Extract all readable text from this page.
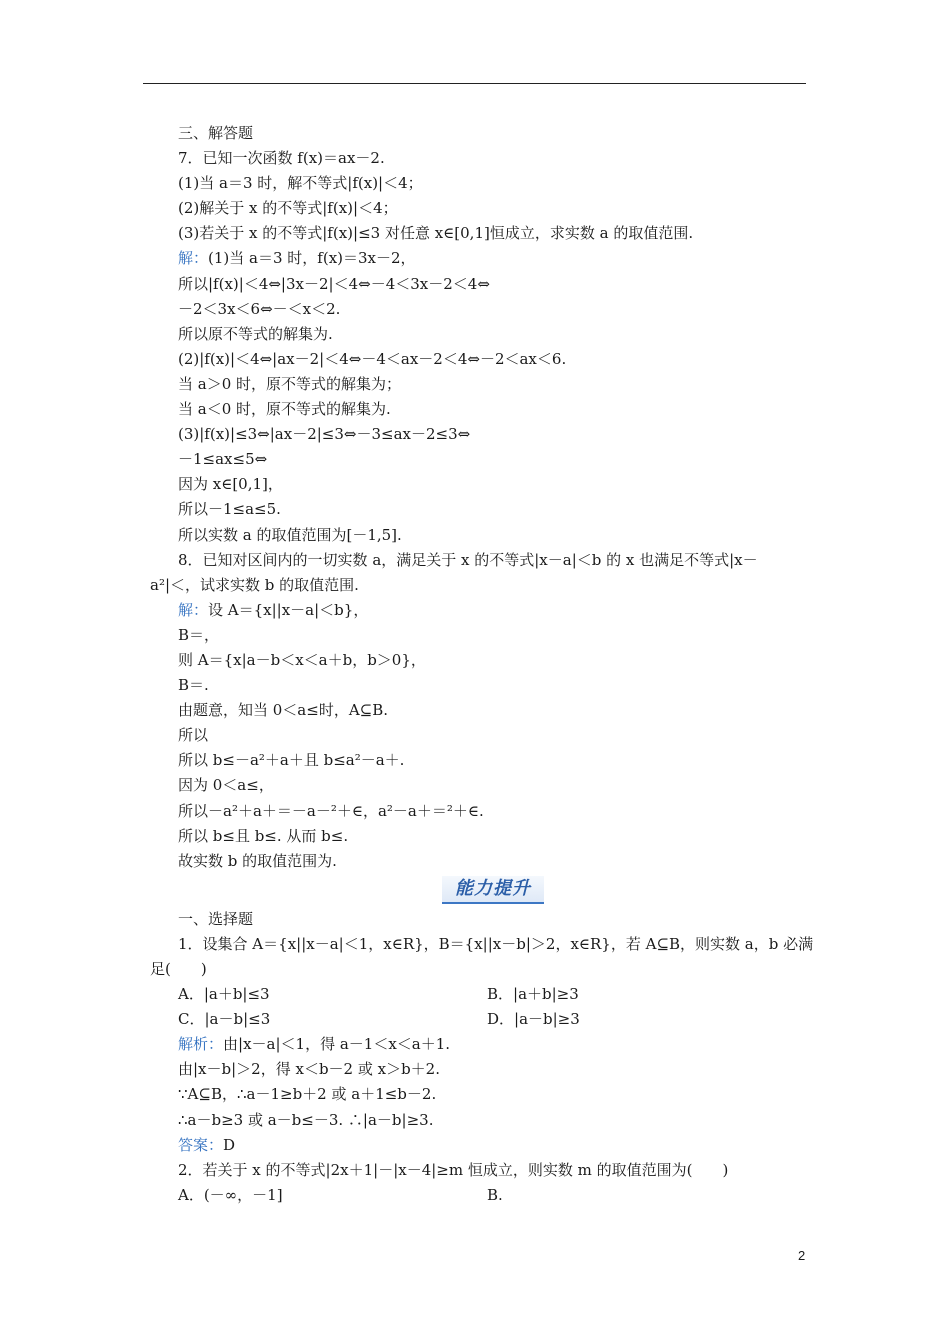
三、解答题
7．已知一次函数 f(x)＝ax－2.
(1)当 a＝3 时，解不等式|f(x)|＜4；
(2)解关于 x 的不等式|f(x)|＜4；
(3)若关于 x 的不等式|f(x)|≤3 对任意 x∈[0,1]恒成立，求实数 a 的取值范围.
解：(1)当 a＝3 时，f(x)＝3x－2，
所以|f(x)|＜4⇔|3x－2|＜4⇔－4＜3x－2＜4⇔
－2＜3x＜6⇔－＜x＜2.
所以原不等式的解集为.
(2)|f(x)|＜4⇔|ax－2|＜4⇔－4＜ax－2＜4⇔－2＜ax＜6.
当 a＞0 时，原不等式的解集为；
当 a＜0 时，原不等式的解集为.
(3)|f(x)|≤3⇔|ax－2|≤3⇔－3≤ax－2≤3⇔
－1≤ax≤5⇔
因为 x∈[0,1]，
所以－1≤a≤5.
所以实数 a 的取值范围为[－1,5].
8．已知对区间内的一切实数 a，满足关于 x 的不等式|x－a|＜b 的 x 也满足不等式|x－
a²|＜，试求实数 b 的取值范围.
解：设 A＝{x||x－a|＜b}，
B＝，
则 A＝{x|a－b＜x＜a＋b，b＞0}，
B＝.
由题意，知当 0＜a≤时，A⊆B.
所以
所以 b≤－a²＋a＋且 b≤a²－a＋.
因为 0＜a≤，
所以－a²＋a＋＝－a－²＋∈，a²－a＋＝²＋∈.
所以 b≤且 b≤. 从而 b≤.
故实数 b 的取值范围为.
能力提升
一、选择题
1．设集合 A＝{x||x－a|＜1，x∈R}，B＝{x||x－b|＞2，x∈R}，若 A⊆B，则实数 a，b 必满
足(　　)
A．|a＋b|≤3	B．|a＋b|≥3
C．|a－b|≤3	D．|a－b|≥3
解析：由|x－a|＜1，得 a－1＜x＜a＋1.
由|x－b|＞2，得 x＜b－2 或 x＞b＋2.
∵A⊆B，∴a－1≥b＋2 或 a＋1≤b－2.
∴a－b≥3 或 a－b≤－3. ∴|a－b|≥3.
答案：D
2．若关于 x 的不等式|2x＋1|－|x－4|≥m 恒成立，则实数 m 的取值范围为(　　)
A．(－∞，－1]	B.
2
